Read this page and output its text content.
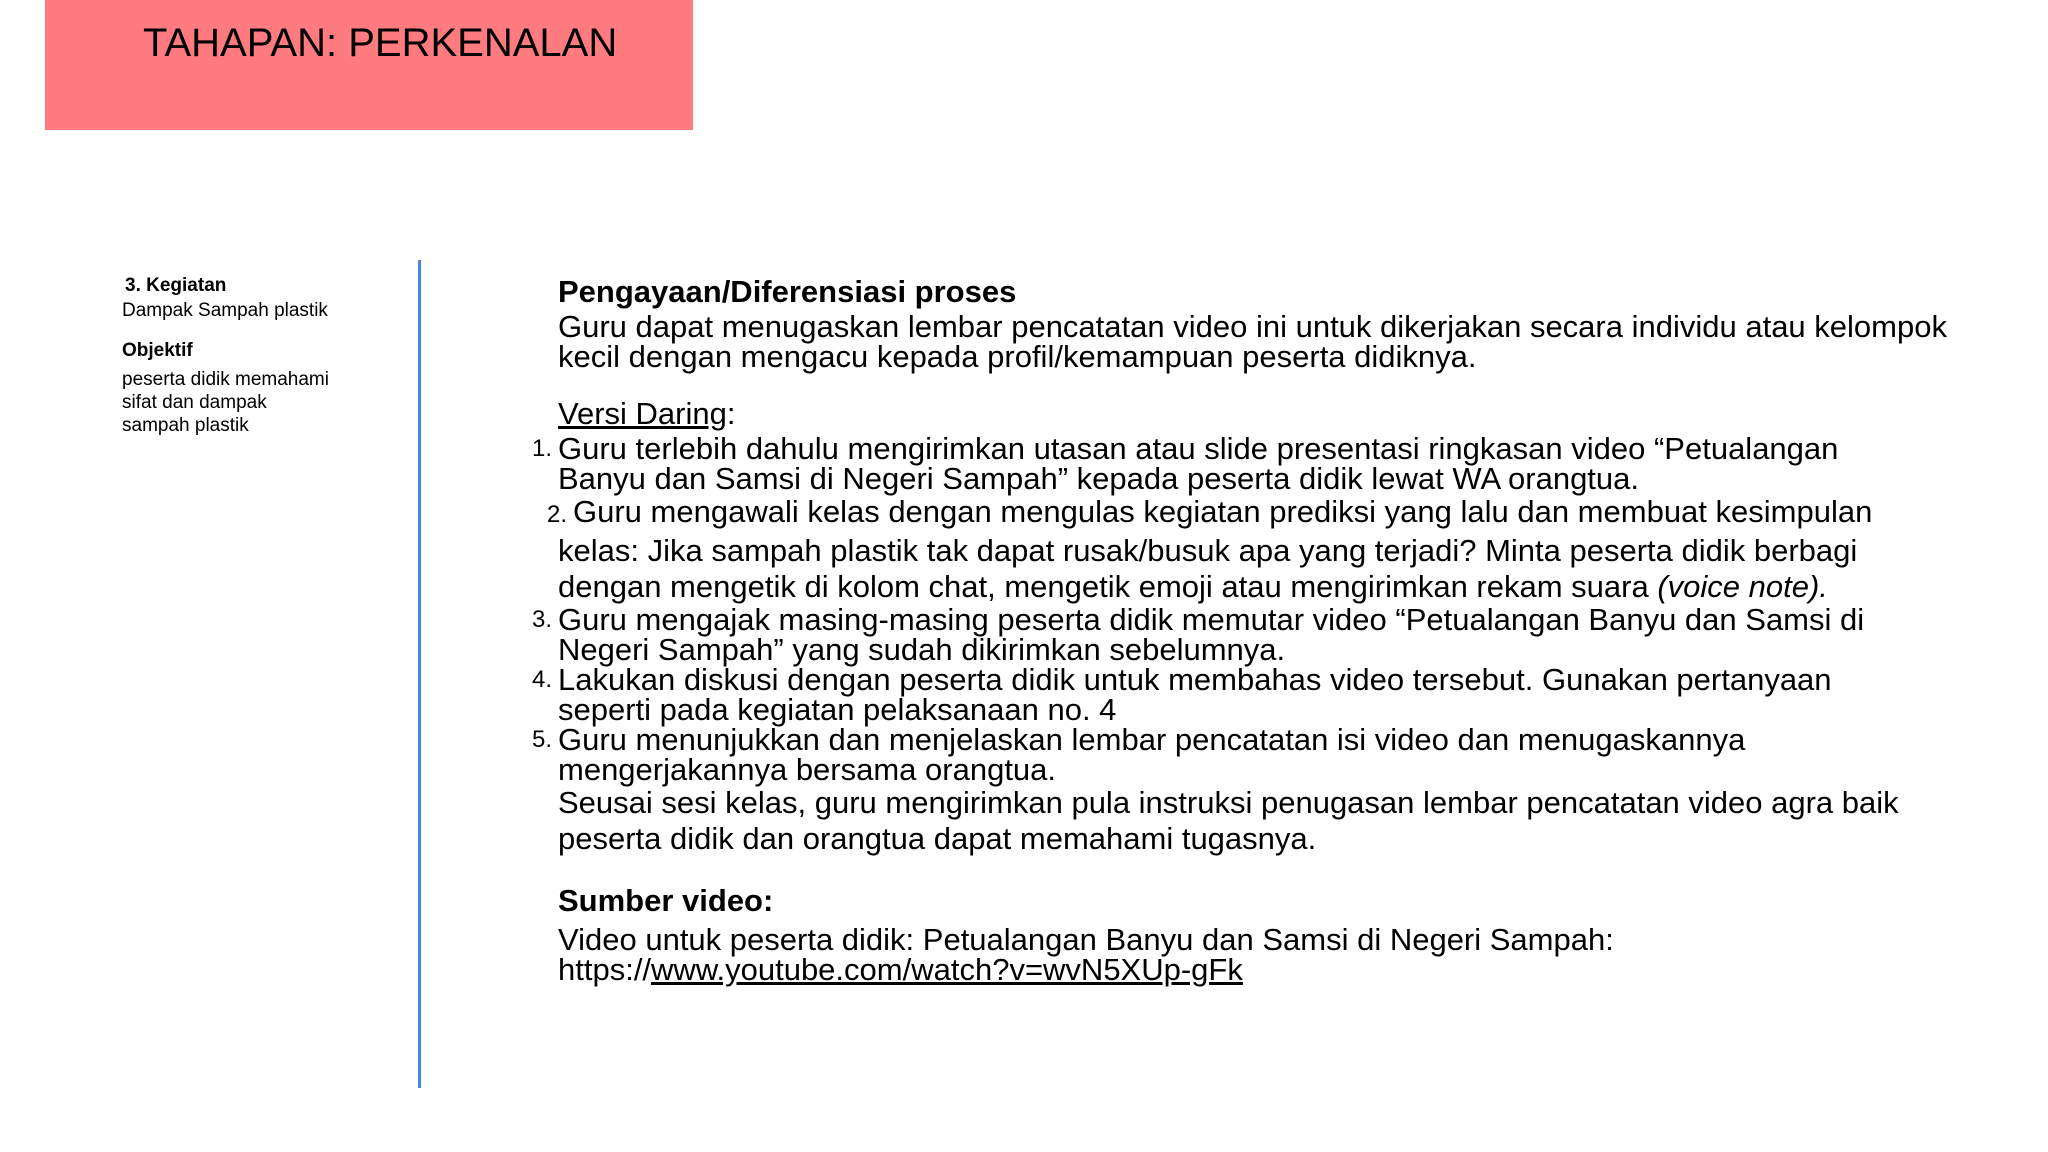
TAHAPAN: PERKENALAN
3. Kegiatan
Dampak Sampah plastik
Objektif
peserta didik memahami
sifat dan dampak
sampah plastik
Pengayaan/Diferensiasi proses
Guru dapat menugaskan lembar pencatatan video ini untuk dikerjakan secara individu atau kelompok kecil dengan mengacu kepada profil/kemampuan peserta didiknya.
Versi Daring:
1. Guru terlebih dahulu mengirimkan utasan atau slide presentasi ringkasan video “Petualangan
Banyu dan Samsi di Negeri Sampah” kepada peserta didik lewat WA orangtua.
2. Guru mengawali kelas dengan mengulas kegiatan prediksi yang lalu dan membuat kesimpulan
kelas: Jika sampah plastik tak dapat rusak/busuk apa yang terjadi? Minta peserta didik berbagi
dengan mengetik di kolom chat, mengetik emoji atau mengirimkan rekam suara (voice note).
3. Guru mengajak masing-masing peserta didik memutar video “Petualangan Banyu dan Samsi di
Negeri Sampah” yang sudah dikirimkan sebelumnya.
4. Lakukan diskusi dengan peserta didik untuk membahas video tersebut. Gunakan pertanyaan
seperti pada kegiatan pelaksanaan no. 4
5. Guru menunjukkan dan menjelaskan lembar pencatatan isi video dan menugaskannya
mengerjakannya bersama orangtua.
Seusai sesi kelas, guru mengirimkan pula instruksi penugasan lembar pencatatan video agra baik
peserta didik dan orangtua dapat memahami tugasnya.
Sumber video:
Video untuk peserta didik: Petualangan Banyu dan Samsi di Negeri Sampah:
https://www.youtube.com/watch?v=wvN5XUp-gFk
